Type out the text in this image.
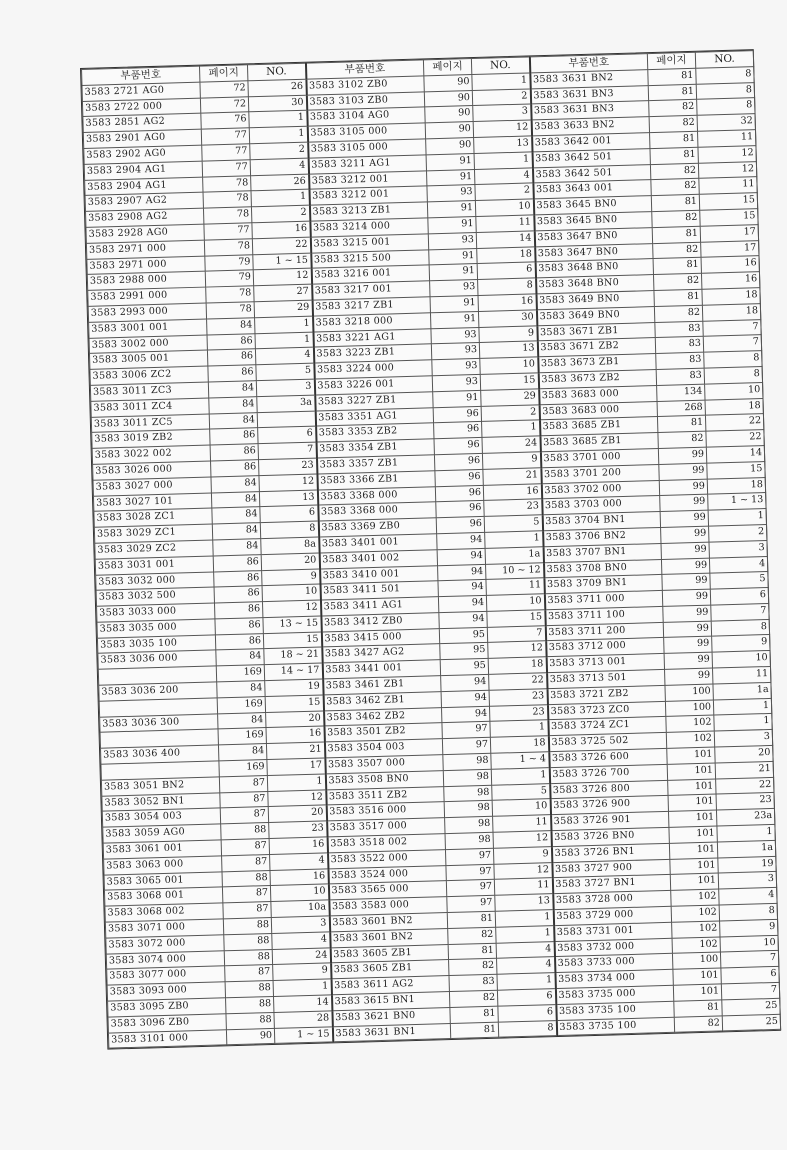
부품번호	페이지	NO.	부품번호	페이지	NO.	부품번호	페이지	NO.
3583 2721 AG0	72	26	3583 3102 ZB0	90	1	3583 3631 BN2	81	8
3583 2722 000	72	30	3583 3103 ZB0	90	2	3583 3631 BN3	81	8
3583 2851 AG2	76	1	3583 3104 AG0	90	3	3583 3631 BN3	82	8
3583 2901 AG0	77	1	3583 3105 000	90	12	3583 3633 BN2	82	32
3583 2902 AG0	77	2	3583 3105 000	90	13	3583 3642 001	81	11
3583 2904 AG1	77	4	3583 3211 AG1	91	1	3583 3642 501	81	12
3583 2904 AG1	78	26	3583 3212 001	91	4	3583 3642 501	82	12
3583 2907 AG2	78	1	3583 3212 001	93	2	3583 3643 001	82	11
3583 2908 AG2	78	2	3583 3213 ZB1	91	10	3583 3645 BN0	81	15
3583 2928 AG0	77	16	3583 3214 000	91	11	3583 3645 BN0	82	15
3583 2971 000	78	22	3583 3215 001	93	14	3583 3647 BN0	81	17
3583 2971 000	79	1 ~ 15	3583 3215 500	91	18	3583 3647 BN0	82	17
3583 2988 000	79	12	3583 3216 001	91	6	3583 3648 BN0	81	16
3583 2991 000	78	27	3583 3217 001	93	8	3583 3648 BN0	82	16
3583 2993 000	78	29	3583 3217 ZB1	91	16	3583 3649 BN0	81	18
3583 3001 001	84	1	3583 3218 000	91	30	3583 3649 BN0	82	18
3583 3002 000	86	1	3583 3221 AG1	93	9	3583 3671 ZB1	83	7
3583 3005 001	86	4	3583 3223 ZB1	93	13	3583 3671 ZB2	83	7
3583 3006 ZC2	86	5	3583 3224 000	93	10	3583 3673 ZB1	83	8
3583 3011 ZC3	84	3	3583 3226 001	93	15	3583 3673 ZB2	83	8
3583 3011 ZC4	84	3a	3583 3227 ZB1	91	29	3583 3683 000	134	10
3583 3011 ZC5	84		3583 3351 AG1	96	2	3583 3683 000	268	18
3583 3019 ZB2	86	6	3583 3353 ZB2	96	1	3583 3685 ZB1	81	22
3583 3022 002	86	7	3583 3354 ZB1	96	24	3583 3685 ZB1	82	22
3583 3026 000	86	23	3583 3357 ZB1	96	9	3583 3701 000	99	14
3583 3027 000	84	12	3583 3366 ZB1	96	21	3583 3701 200	99	15
3583 3027 101	84	13	3583 3368 000	96	16	3583 3702 000	99	18
3583 3028 ZC1	84	6	3583 3368 000	96	23	3583 3703 000	99	1 ~ 13
3583 3029 ZC1	84	8	3583 3369 ZB0	96	5	3583 3704 BN1	99	1
3583 3029 ZC2	84	8a	3583 3401 001	94	1	3583 3706 BN2	99	2
3583 3031 001	86	20	3583 3401 002	94	1a	3583 3707 BN1	99	3
3583 3032 000	86	9	3583 3410 001	94	10 ~ 12	3583 3708 BN0	99	4
3583 3032 500	86	10	3583 3411 501	94	11	3583 3709 BN1	99	5
3583 3033 000	86	12	3583 3411 AG1	94	10	3583 3711 000	99	6
3583 3035 000	86	13 ~ 15	3583 3412 ZB0	94	15	3583 3711 100	99	7
3583 3035 100	86	15	3583 3415 000	95	7	3583 3711 200	99	8
3583 3036 000	84	18 ~ 21	3583 3427 AG2	95	12	3583 3712 000	99	9
	169	14 ~ 17	3583 3441 001	95	18	3583 3713 001	99	10
3583 3036 200	84	19	3583 3461 ZB1	94	22	3583 3713 501	99	11
	169	15	3583 3462 ZB1	94	23	3583 3721 ZB2	100	1a
3583 3036 300	84	20	3583 3462 ZB2	94	23	3583 3723 ZC0	100	1
	169	16	3583 3501 ZB2	97	1	3583 3724 ZC1	102	1
3583 3036 400	84	21	3583 3504 003	97	18	3583 3725 502	102	3
	169	17	3583 3507 000	98	1 ~ 4	3583 3726 600	101	20
3583 3051 BN2	87	1	3583 3508 BN0	98	1	3583 3726 700	101	21
3583 3052 BN1	87	12	3583 3511 ZB2	98	5	3583 3726 800	101	22
3583 3054 003	87	20	3583 3516 000	98	10	3583 3726 900	101	23
3583 3059 AG0	88	23	3583 3517 000	98	11	3583 3726 901	101	23a
3583 3061 001	87	16	3583 3518 002	98	12	3583 3726 BN0	101	1
3583 3063 000	87	4	3583 3522 000	97	9	3583 3726 BN1	101	1a
3583 3065 001	88	16	3583 3524 000	97	12	3583 3727 900	101	19
3583 3068 001	87	10	3583 3565 000	97	11	3583 3727 BN1	101	3
3583 3068 002	87	10a	3583 3583 000	97	13	3583 3728 000	102	4
3583 3071 000	88	3	3583 3601 BN2	81	1	3583 3729 000	102	8
3583 3072 000	88	4	3583 3601 BN2	82	1	3583 3731 001	102	9
3583 3074 000	88	24	3583 3605 ZB1	81	4	3583 3732 000	102	10
3583 3077 000	87	9	3583 3605 ZB1	82	4	3583 3733 000	100	7
3583 3093 000	88	1	3583 3611 AG2	83	1	3583 3734 000	101	6
3583 3095 ZB0	88	14	3583 3615 BN1	82	6	3583 3735 000	101	7
3583 3096 ZB0	88	28	3583 3621 BN0	81	6	3583 3735 100	81	25
3583 3101 000	90	1 ~ 15	3583 3631 BN1	81	8	3583 3735 100	82	25
